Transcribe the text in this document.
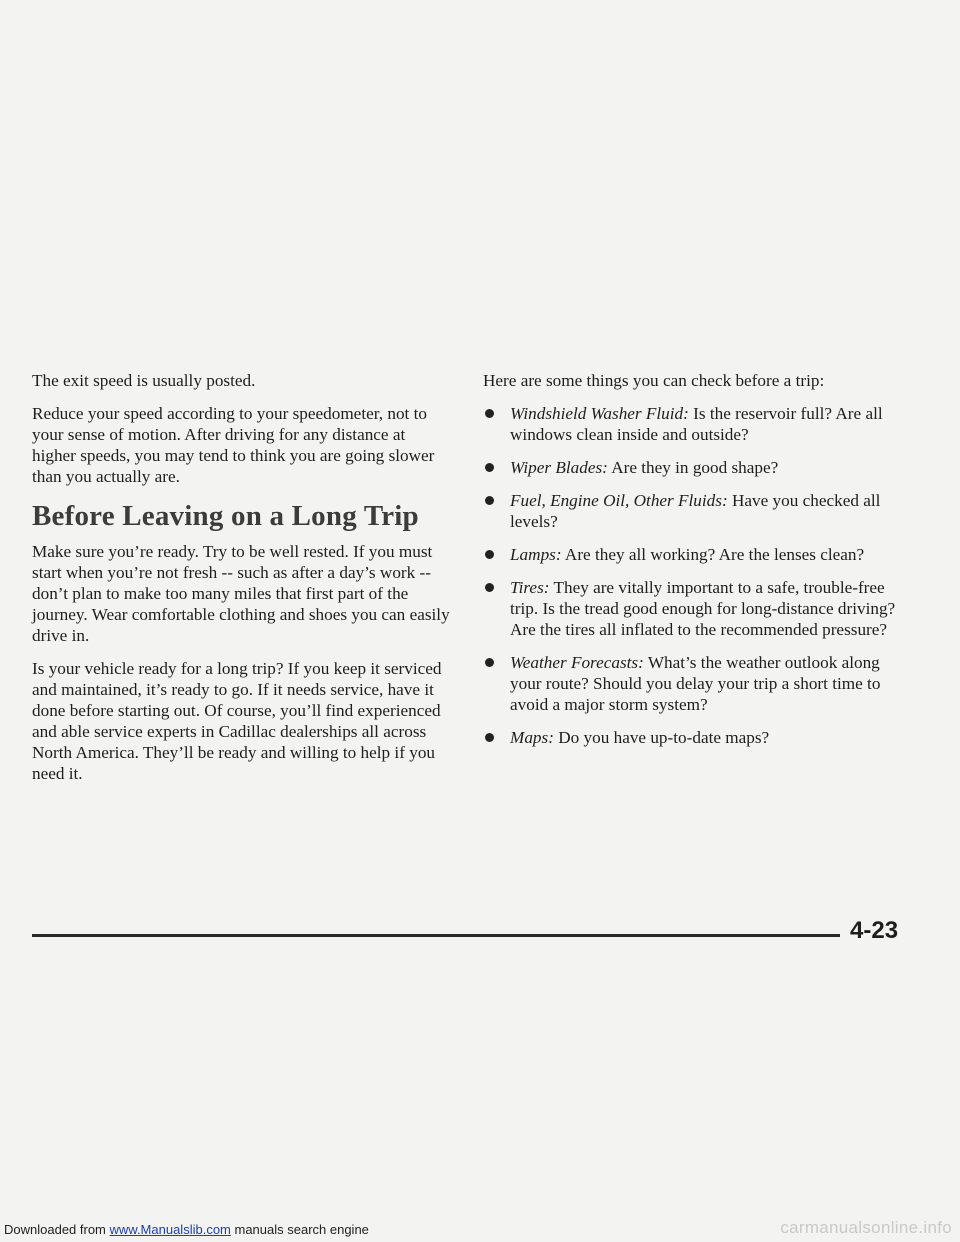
The exit speed is usually posted.

Reduce your speed according to your speedometer, not to your sense of motion. After driving for any distance at higher speeds, you may tend to think you are going slower than you actually are.

Before Leaving on a Long Trip

Make sure you’re ready. Try to be well rested. If you must start when you’re not fresh -- such as after a day’s work -- don’t plan to make too many miles that first part of the journey. Wear comfortable clothing and shoes you can easily drive in.

Is your vehicle ready for a long trip? If you keep it serviced and maintained, it’s ready to go. If it needs service, have it done before starting out. Of course, you’ll find experienced and able service experts in Cadillac dealerships all across North America. They’ll be ready and willing to help if you need it.

Here are some things you can check before a trip:

Windshield Washer Fluid: Is the reservoir full? Are all windows clean inside and outside?
Wiper Blades: Are they in good shape?
Fuel, Engine Oil, Other Fluids: Have you checked all levels?
Lamps: Are they all working? Are the lenses clean?
Tires: They are vitally important to a safe, trouble-free trip. Is the tread good enough for long-distance driving? Are the tires all inflated to the recommended pressure?
Weather Forecasts: What’s the weather outlook along your route? Should you delay your trip a short time to avoid a major storm system?
Maps: Do you have up-to-date maps?
4-23
Downloaded from www.Manualslib.com manuals search engine	carmanualsonline.info
